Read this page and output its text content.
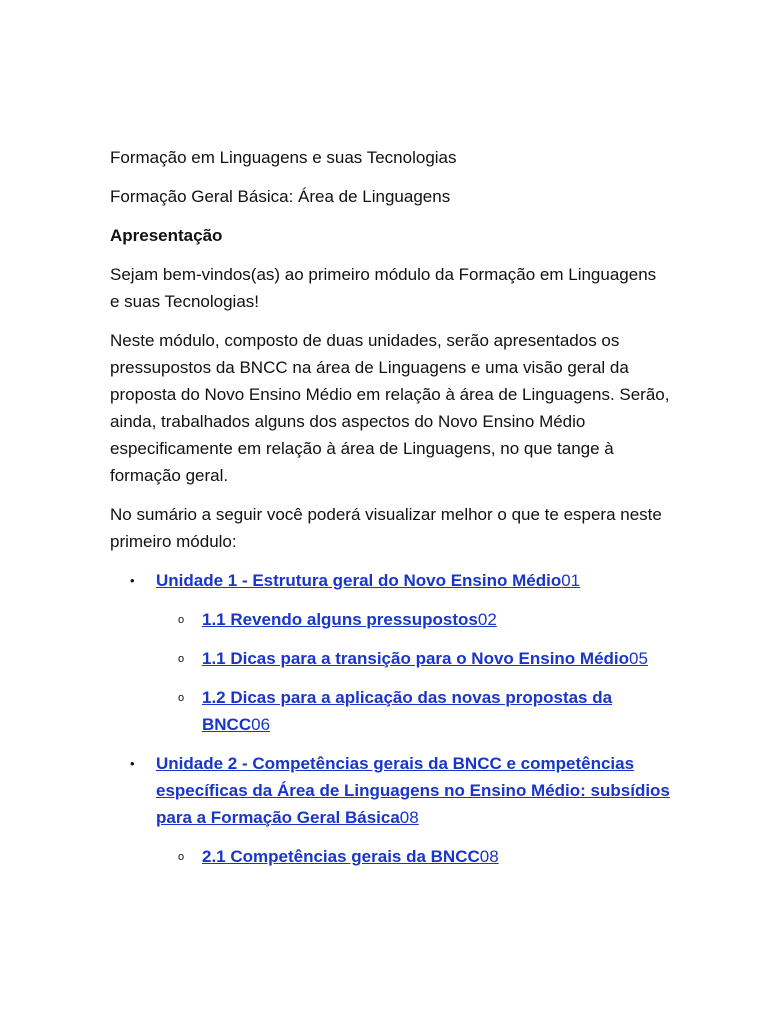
Formação em Linguagens e suas Tecnologias

Formação Geral Básica: Área de Linguagens

Apresentação

Sejam bem-vindos(as) ao primeiro módulo da Formação em Linguagens e suas Tecnologias!

Neste módulo, composto de duas unidades, serão apresentados os pressupostos da BNCC na área de Linguagens e uma visão geral da proposta do Novo Ensino Médio em relação à área de Linguagens. Serão, ainda, trabalhados alguns dos aspectos do Novo Ensino Médio especificamente em relação à área de Linguagens, no que tange à formação geral.

No sumário a seguir você poderá visualizar melhor o que te espera neste primeiro módulo:

•	Unidade 1 - Estrutura geral do Novo Ensino Médio01
o	1.1 Revendo alguns pressupostos02
o	1.1 Dicas para a transição para o Novo Ensino Médio05
o	1.2 Dicas para a aplicação das novas propostas da BNCC06
•	Unidade 2 - Competências gerais da BNCC e competências específicas da Área de Linguagens no Ensino Médio: subsídios para a Formação Geral Básica08
o	2.1 Competências gerais da BNCC08
